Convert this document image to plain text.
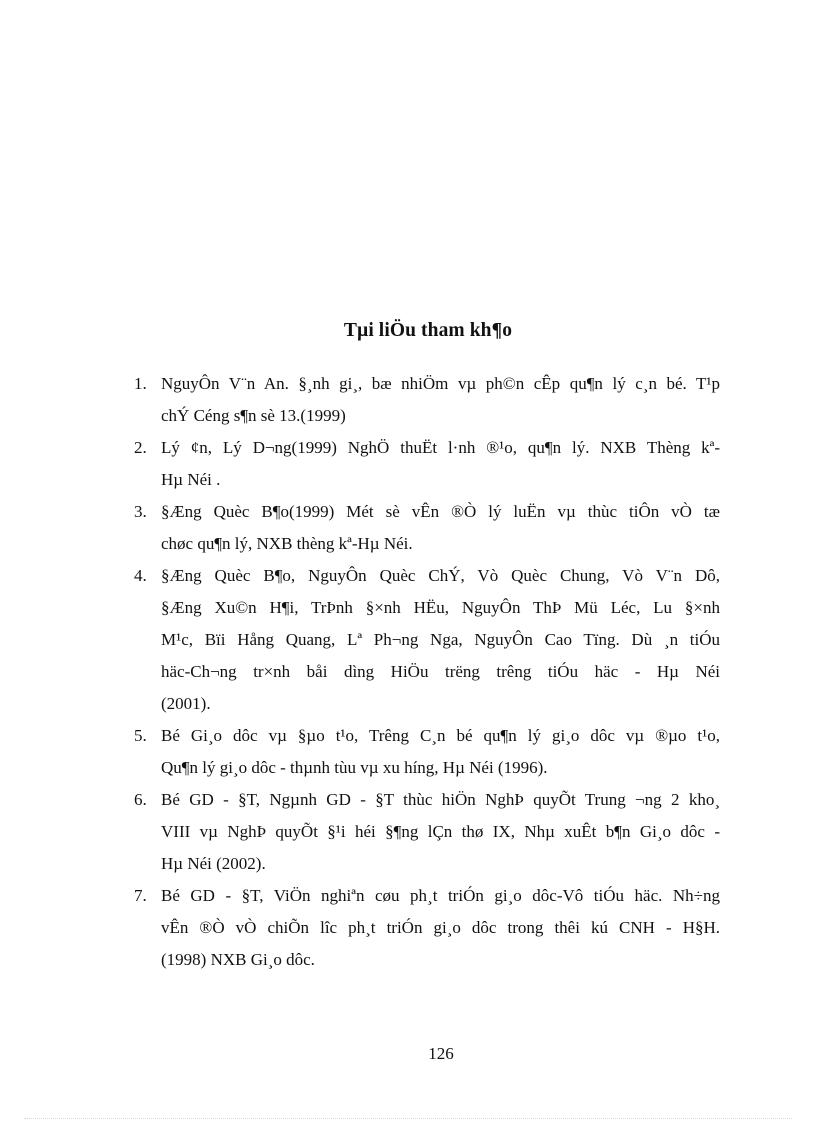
Tµi liÖu tham kh¶o
1. NguyÔn V¨n An. §¸nh gi¸, bæ nhiÖm vµ ph©n cÊp qu¶n lý c¸n bé. T¹p
chÝ Céng s¶n sè 13.(1999)
2. Lý ¢n, Lý D¬ng(1999) NghÖ thuËt l·nh ®¹o, qu¶n lý. NXB Thèng kª-
Hµ Néi .
3. §Æng Quèc B¶o(1999) Mét sè vÊn ®Ò lý luËn vµ thùc tiÔn vÒ tæ
chøc qu¶n lý, NXB thèng kª-Hµ Néi.
4. §Æng Quèc B¶o, NguyÔn Quèc ChÝ, Vò Quèc Chung, Vò V¨n Dô,
§Æng Xu©n H¶i, TrÞnh §×nh HËu, NguyÔn ThÞ Mü Léc, Lu §×nh
M¹c, Bïi Hång Quang, Lª Ph¬ng Nga, NguyÔn Cao Tïng. Dù ¸n tiÓu
häc-Ch¬ng tr×nh båi dìng HiÖu trëng trêng tiÓu häc - Hµ Néi
(2001).
5. Bé Gi¸o dôc vµ §µo t¹o, Trêng C¸n bé qu¶n lý gi¸o dôc vµ ®µo t¹o,
Qu¶n lý gi¸o dôc - thµnh tùu vµ xu híng, Hµ Néi (1996).
6. Bé GD - §T, Ngµnh GD - §T thùc hiÖn NghÞ quyÕt Trung ¬ng 2 kho¸
VIII vµ NghÞ quyÕt §¹i héi §¶ng lÇn thø IX, Nhµ xuÊt b¶n Gi¸o dôc -
Hµ Néi (2002).
7. Bé GD - §T, ViÖn nghiªn cøu ph¸t triÓn gi¸o dôc-Vô tiÓu häc. Nh÷ng
vÊn ®Ò vÒ chiÕn lîc ph¸t triÓn gi¸o dôc trong thêi kú CNH - H§H.
(1998) NXB Gi¸o dôc.
126
